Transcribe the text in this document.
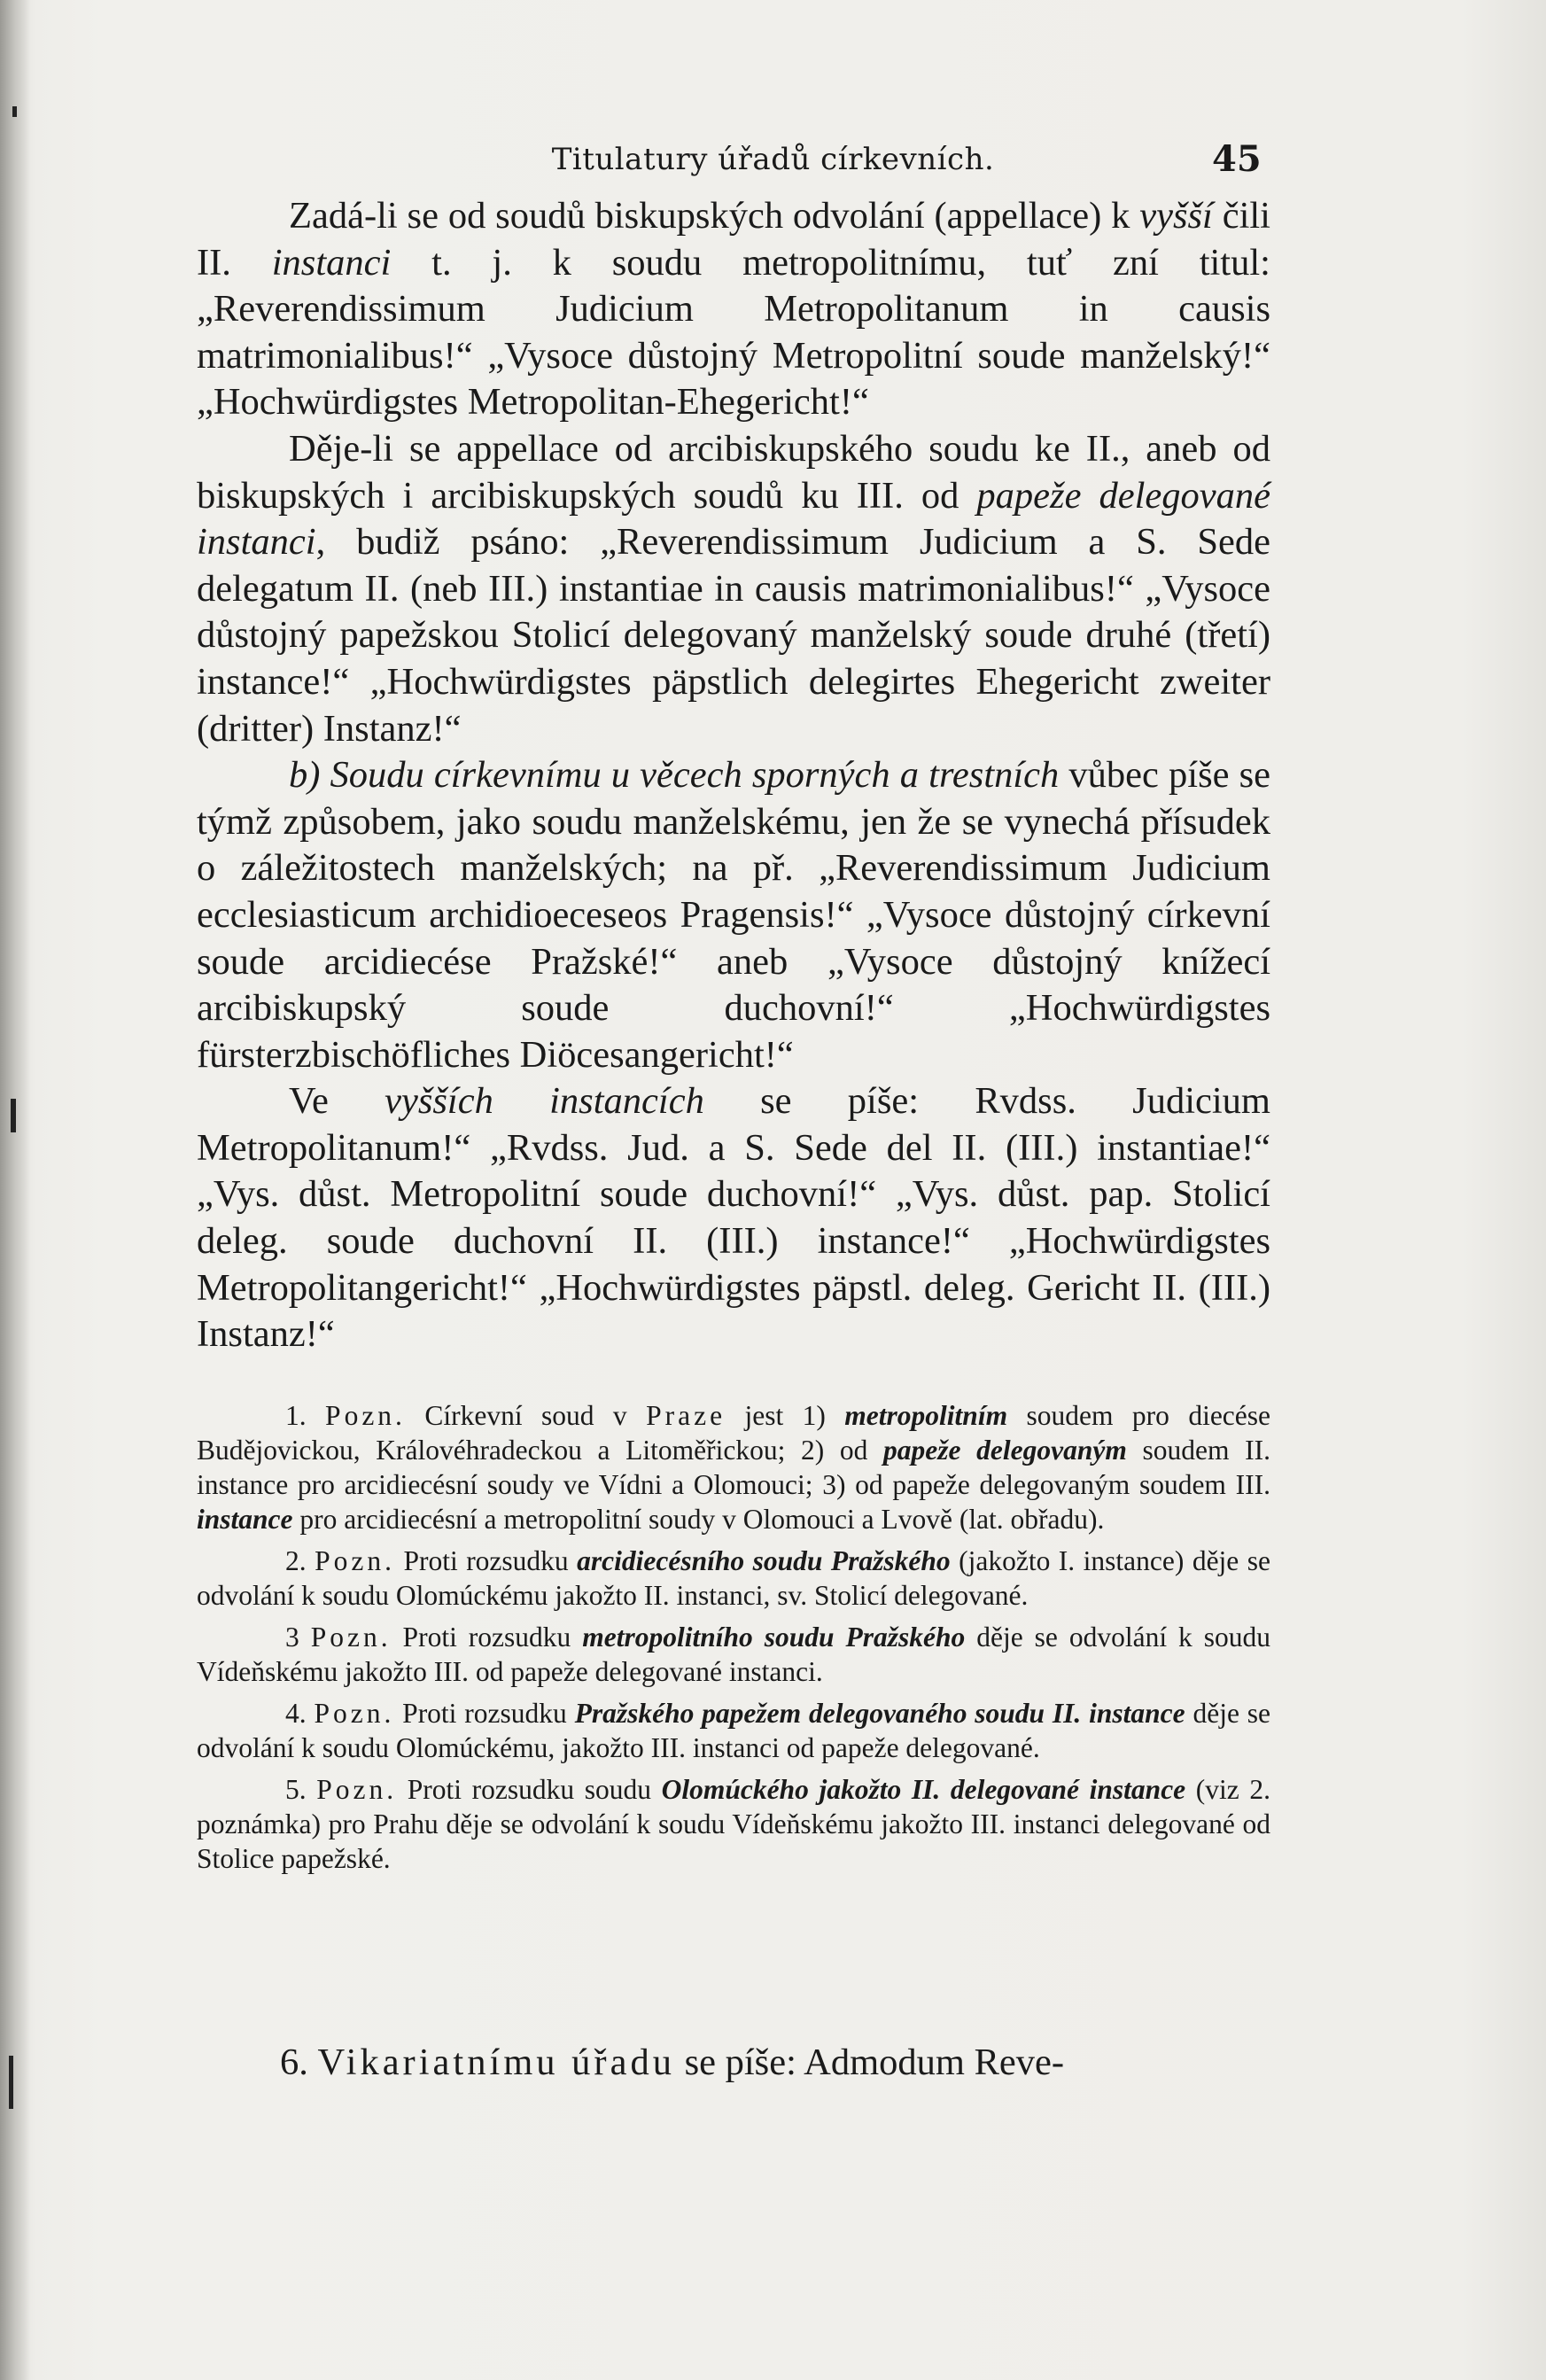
Titulatury úřadů církevních.	45

Zadá-li se od soudů biskupských odvolání (appellace) k vyšší čili II. instanci t. j. k soudu metropolitnímu, tuť zní titul: „Reverendissimum Judicium Metropolitanum in causis matrimonialibus!“ „Vysoce důstojný Metropolitní soude manželský!“ „Hochwürdigstes Metropolitan-Ehegericht!“

Děje-li se appellace od arcibiskupského soudu ke II., aneb od biskupských i arcibiskupských soudů ku III. od papeže delegované instanci, budiž psáno: „Reverendissimum Judicium a S. Sede delegatum II. (neb III.) instantiae in causis matrimonialibus!“ „Vysoce důstojný papežskou Stolicí delegovaný manželský soude druhé (třetí) instance!“ „Hochwürdigstes päpstlich delegirtes Ehegericht zweiter (dritter) Instanz!“

b) Soudu církevnímu u věcech sporných a trestních vůbec píše se týmž způsobem, jako soudu manželskému, jen že se vynechá přísudek o záležitostech manželských; na př. „Reverendissimum Judicium ecclesiasticum archidioeceseos Pragensis!“ „Vysoce důstojný církevní soude arcidiecése Pražské!“ aneb „Vysoce důstojný knížecí arcibiskupský soude duchovní!“ „Hochwürdigstes fürsterzbischöfliches Diöcesangericht!“

Ve vyšších instancích se píše: Rvdss. Judicium Metropolitanum!“ „Rvdss. Jud. a S. Sede del II. (III.) instantiae!“ „Vys. důst. Metropolitní soude duchovní!“ „Vys. důst. pap. Stolicí deleg. soude duchovní II. (III.) instance!“ „Hochwürdigstes Metropolitangericht!“ „Hochwürdigstes päpstl. deleg. Gericht II. (III.) Instanz!“

1. Pozn. Církevní soud v Praze jest 1) metropolitním soudem pro diecése Budějovickou, Královéhradeckou a Litoměřickou; 2) od papeže delegovaným soudem II. instance pro arcidiecésní soudy ve Vídni a Olomouci; 3) od papeže delegovaným soudem III. instance pro arcidiecésní a metropolitní soudy v Olomouci a Lvově (lat. obřadu).

2. Pozn. Proti rozsudku arcidiecésního soudu Pražského (jakožto I. instance) děje se odvolání k soudu Olomúckému jakožto II. instanci, sv. Stolicí delegované.

3 Pozn. Proti rozsudku metropolitního soudu Pražského děje se odvolání k soudu Vídeňskému jakožto III. od papeže delegované instanci.

4. Pozn. Proti rozsudku Pražského papežem delegovaného soudu II. instance děje se odvolání k soudu Olomúckému, jakožto III. instanci od papeže delegované.

5. Pozn. Proti rozsudku soudu Olomúckého jakožto II. delegované instance (viz 2. poznámka) pro Prahu děje se odvolání k soudu Vídeňskému jakožto III. instanci delegované od Stolice papežské.

6. Vikariatnímu úřadu se píše: Admodum Reve-
